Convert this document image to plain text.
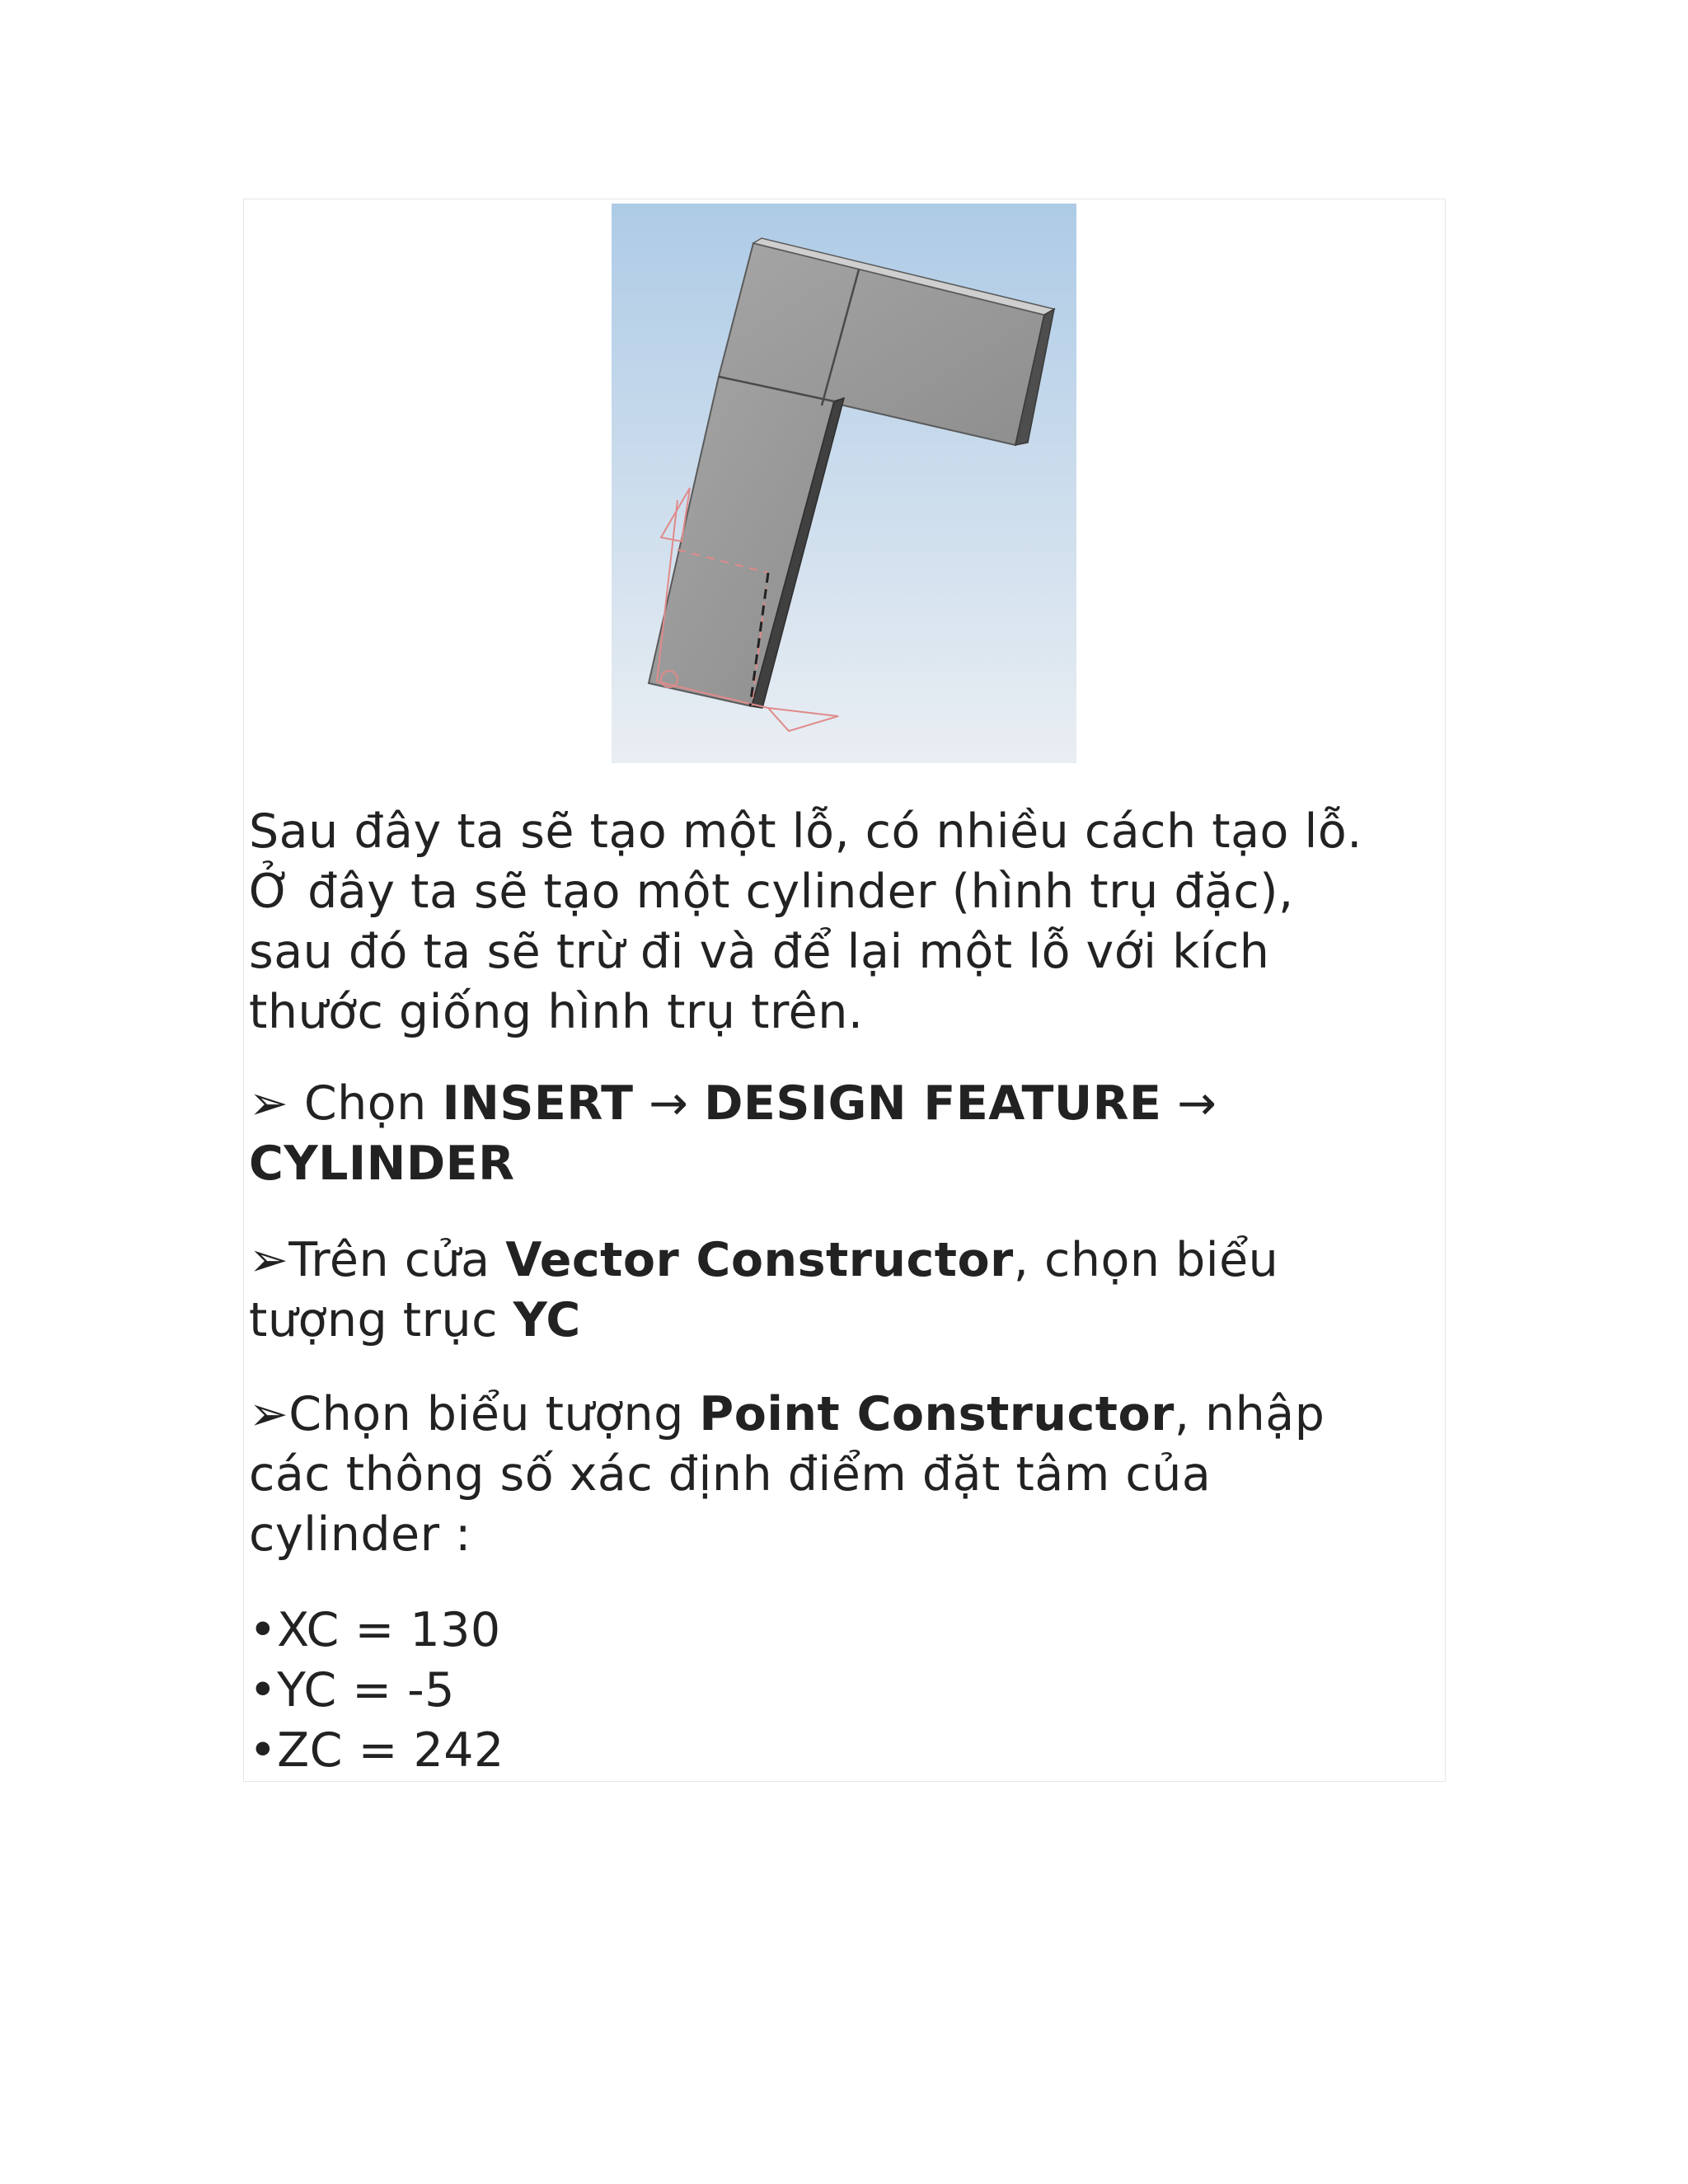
Sau đây ta sẽ tạo một lỗ, có nhiều cách tạo lỗ.
Ở đây ta sẽ tạo một cylinder (hình trụ đặc),
sau đó ta sẽ trừ đi và để lại một lỗ với kích
thước giống hình trụ trên.
➢ Chọn INSERT → DESIGN FEATURE →
CYLINDER
➢Trên cửa Vector Constructor, chọn biểu
tượng trục YC
➢Chọn biểu tượng Point Constructor, nhập
các thông số xác định điểm đặt tâm của
cylinder :
•XC = 130
•YC = -5
•ZC = 242
